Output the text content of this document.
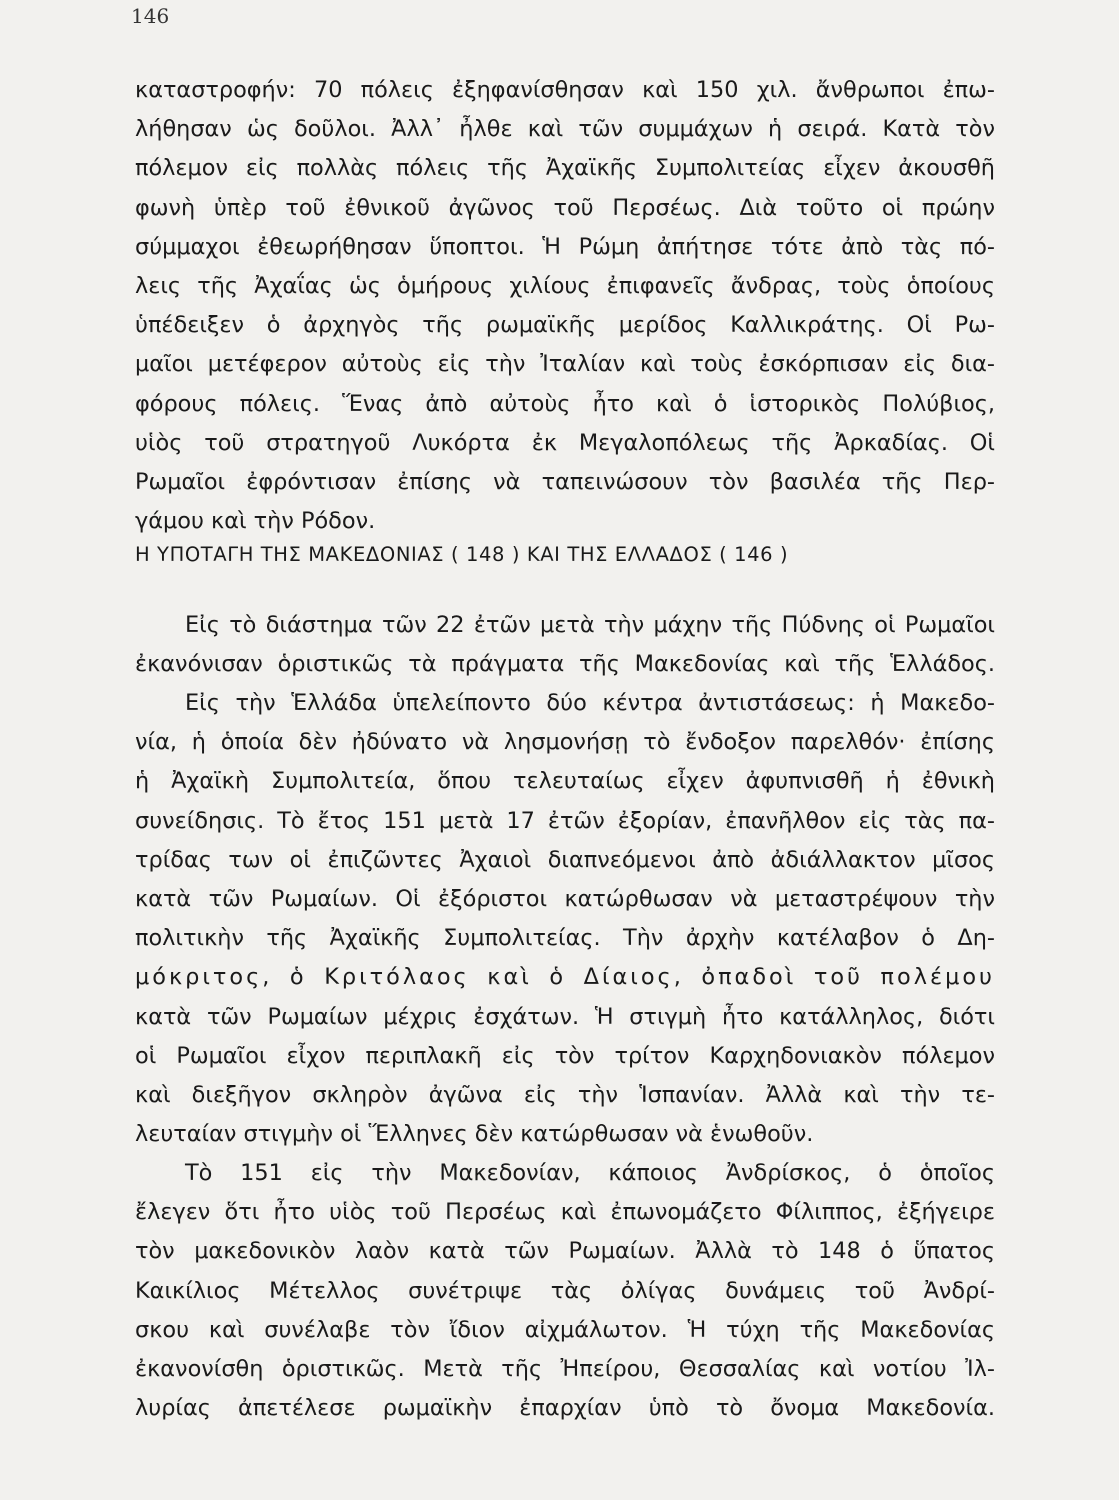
146
καταστροφήν: 70 πόλεις ἐξηφανίσθησαν καὶ 150 χιλ. ἄνθρωποι ἐπω-
λήθησαν ὡς δοῦλοι. Ἀλλ᾽ ἦλθε καὶ τῶν συμμάχων ἡ σειρά. Κατὰ τὸν
πόλεμον εἰς πολλὰς πόλεις τῆς Ἀχαϊκῆς Συμπολιτείας εἶχεν ἀκουσθῆ
φωνὴ ὑπὲρ τοῦ ἐθνικοῦ ἀγῶνος τοῦ Περσέως. Διὰ τοῦτο οἱ πρώην
σύμμαχοι ἐθεωρήθησαν ὕποπτοι. Ἡ Ρώμη ἀπήτησε τότε ἀπὸ τὰς πό-
λεις τῆς Ἀχαΐας ὡς ὁμήρους χιλίους ἐπιφανεῖς ἄνδρας, τοὺς ὁποίους
ὑπέδειξεν ὁ ἀρχηγὸς τῆς ρωμαϊκῆς μερίδος Καλλικράτης. Οἱ Ρω-
μαῖοι μετέφερον αὐτοὺς εἰς τὴν Ἰταλίαν καὶ τοὺς ἐσκόρπισαν εἰς δια-
φόρους πόλεις. Ἕνας ἀπὸ αὐτοὺς ἦτο καὶ ὁ ἱστορικὸς Πολύβιος,
υἱὸς τοῦ στρατηγοῦ Λυκόρτα ἐκ Μεγαλοπόλεως τῆς Ἀρκαδίας. Οἱ
Ρωμαῖοι ἐφρόντισαν ἐπίσης νὰ ταπεινώσουν τὸν βασιλέα τῆς Περ-
γάμου καὶ τὴν Ρόδον.
Η ΥΠΟΤΑΓΗ ΤΗΣ ΜΑΚΕΔΟΝΙΑΣ ( 148 ) ΚΑΙ ΤΗΣ ΕΛΛΑΔΟΣ ( 146 )
Εἰς τὸ διάστημα τῶν 22 ἐτῶν μετὰ τὴν μάχην τῆς Πύδνης οἱ Ρωμαῖοι
ἐκανόνισαν ὁριστικῶς τὰ πράγματα τῆς Μακεδονίας καὶ τῆς Ἑλλάδος.
Εἰς τὴν Ἑλλάδα ὑπελείποντο δύο κέντρα ἀντιστάσεως: ἡ Μακεδο-
νία, ἡ ὁποία δὲν ἠδύνατο νὰ λησμονήσῃ τὸ ἔνδοξον παρελθόν· ἐπίσης
ἡ Ἀχαϊκὴ Συμπολιτεία, ὅπου τελευταίως εἶχεν ἀφυπνισθῆ ἡ ἐθνικὴ
συνείδησις. Τὸ ἔτος 151 μετὰ 17 ἐτῶν ἐξορίαν, ἐπανῆλθον εἰς τὰς πα-
τρίδας των οἱ ἐπιζῶντες Ἀχαιοὶ διαπνεόμενοι ἀπὸ ἀδιάλλακτον μῖσος
κατὰ τῶν Ρωμαίων. Οἱ ἐξόριστοι κατώρθωσαν νὰ μεταστρέψουν τὴν
πολιτικὴν τῆς Ἀχαϊκῆς Συμπολιτείας. Τὴν ἀρχὴν κατέλαβον ὁ Δη-
μόκριτος, ὁ Κριτόλαος καὶ ὁ Δίαιος, ὀπαδοὶ τοῦ πολέμου
κατὰ τῶν Ρωμαίων μέχρις ἐσχάτων. Ἡ στιγμὴ ἦτο κατάλληλος, διότι
οἱ Ρωμαῖοι εἶχον περιπλακῆ εἰς τὸν τρίτον Καρχηδονιακὸν πόλεμον
καὶ διεξῆγον σκληρὸν ἀγῶνα εἰς τὴν Ἱσπανίαν. Ἀλλὰ καὶ τὴν τε-
λευταίαν στιγμὴν οἱ Ἕλληνες δὲν κατώρθωσαν νὰ ἑνωθοῦν.
Τὸ 151 εἰς τὴν Μακεδονίαν, κάποιος Ἀνδρίσκος, ὁ ὁποῖος
ἔλεγεν ὅτι ἦτο υἱὸς τοῦ Περσέως καὶ ἐπωνομάζετο Φίλιππος, ἐξήγειρε
τὸν μακεδονικὸν λαὸν κατὰ τῶν Ρωμαίων. Ἀλλὰ τὸ 148 ὁ ὕπατος
Καικίλιος Μέτελλος συνέτριψε τὰς ὀλίγας δυνάμεις τοῦ Ἀνδρί-
σκου καὶ συνέλαβε τὸν ἴδιον αἰχμάλωτον. Ἡ τύχη τῆς Μακεδονίας
ἐκανονίσθη ὁριστικῶς. Μετὰ τῆς Ἠπείρου, Θεσσαλίας καὶ νοτίου Ἰλ-
λυρίας ἀπετέλεσε ρωμαϊκὴν ἐπαρχίαν ὑπὸ τὸ ὄνομα Μακεδονία.
